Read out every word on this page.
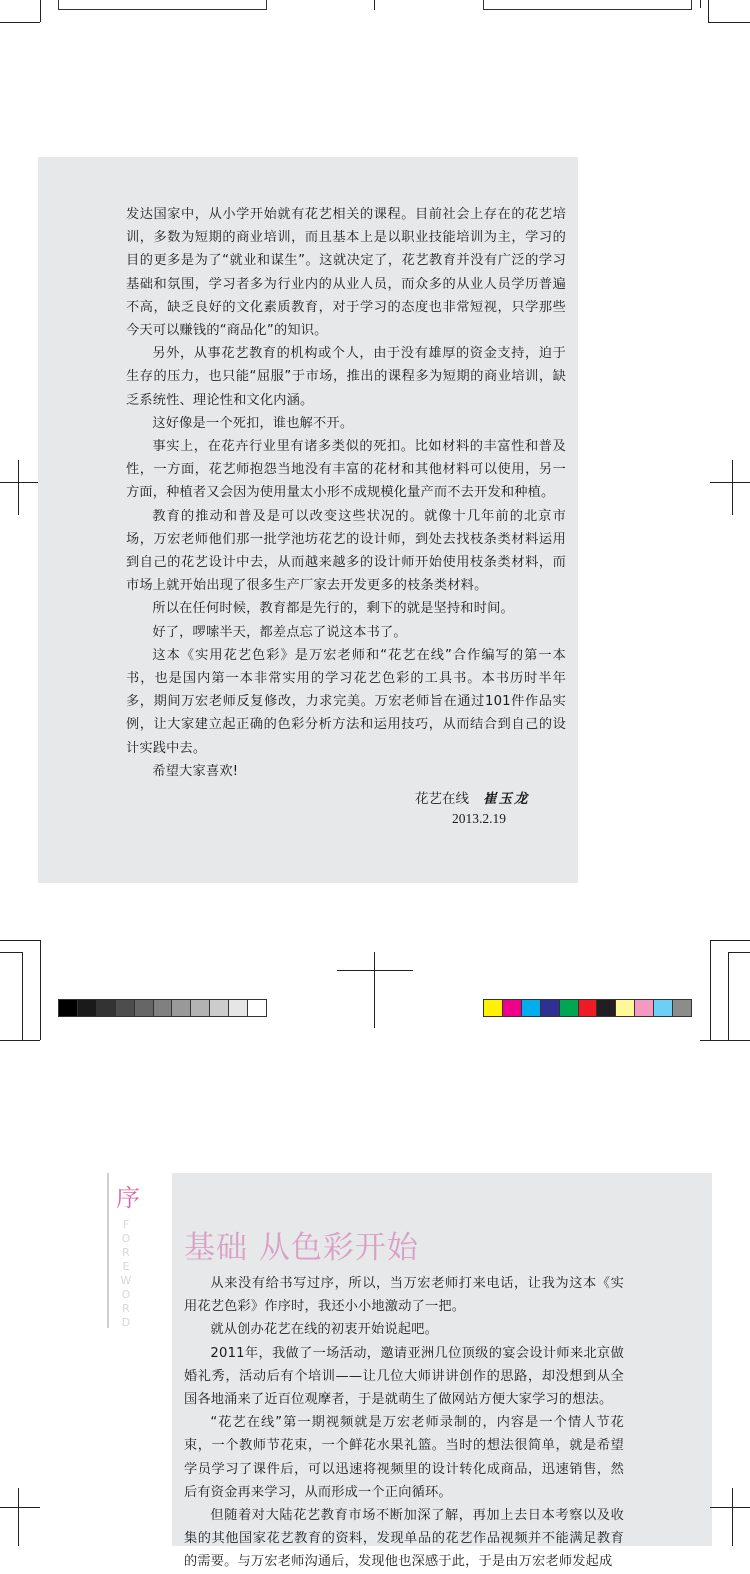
发达国家中，从小学开始就有花艺相关的课程。目前社会上存在的花艺培训，多数为短期的商业培训，而且基本上是以职业技能培训为主，学习的目的更多是为了“就业和谋生”。这就决定了，花艺教育并没有广泛的学习基础和氛围，学习者多为行业内的从业人员，而众多的从业人员学历普遍不高，缺乏良好的文化素质教育，对于学习的态度也非常短视，只学那些今天可以赚钱的“商品化”的知识。

另外，从事花艺教育的机构或个人，由于没有雄厚的资金支持，迫于生存的压力，也只能“屈服”于市场，推出的课程多为短期的商业培训，缺乏系统性、理论性和文化内涵。

这好像是一个死扣，谁也解不开。

事实上，在花卉行业里有诸多类似的死扣。比如材料的丰富性和普及性，一方面，花艺师抱怨当地没有丰富的花材和其他材料可以使用，另一方面，种植者又会因为使用量太小形不成规模化量产而不去开发和种植。

教育的推动和普及是可以改变这些状况的。就像十几年前的北京市场，万宏老师他们那一批学池坊花艺的设计师，到处去找枝条类材料运用到自己的花艺设计中去，从而越来越多的设计师开始使用枝条类材料，而市场上就开始出现了很多生产厂家去开发更多的枝条类材料。

所以在任何时候，教育都是先行的，剩下的就是坚持和时间。

好了，啰嗦半天，都差点忘了说这本书了。

这本《实用花艺色彩》是万宏老师和“花艺在线”合作编写的第一本书，也是国内第一本非常实用的学习花艺色彩的工具书。本书历时半年多，期间万宏老师反复修改，力求完美。万宏老师旨在通过101件作品实例，让大家建立起正确的色彩分析方法和运用技巧，从而结合到自己的设计实践中去。

希望大家喜欢!

花艺在线 崔玉龙
2013.2.19
序
F
O
R
E
W
O
R
D
基础 从色彩开始

从来没有给书写过序，所以，当万宏老师打来电话，让我为这本《实用花艺色彩》作序时，我还小小地激动了一把。

就从创办花艺在线的初衷开始说起吧。

2011年，我做了一场活动，邀请亚洲几位顶级的宴会设计师来北京做婚礼秀，活动后有个培训——让几位大师讲讲创作的思路，却没想到从全国各地涌来了近百位观摩者，于是就萌生了做网站方便大家学习的想法。

“花艺在线”第一期视频就是万宏老师录制的，内容是一个情人节花束，一个教师节花束，一个鲜花水果礼篮。当时的想法很简单，就是希望学员学习了课件后，可以迅速将视频里的设计转化成商品，迅速销售，然后有资金再来学习，从而形成一个正向循环。

但随着对大陆花艺教育市场不断加深了解，再加上去日本考察以及收集的其他国家花艺教育的资料，发现单品的花艺作品视频并不能满足教育的需要。与万宏老师沟通后，发现他也深感于此，于是由万宏老师发起成
